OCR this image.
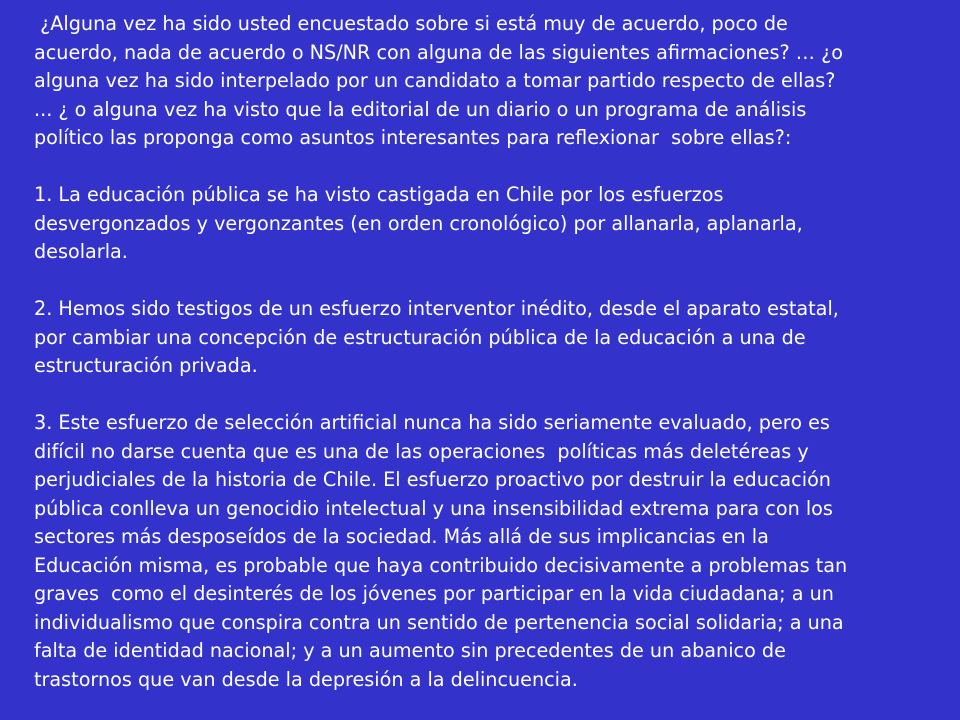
¿Alguna vez ha sido usted encuestado sobre si está muy de acuerdo, poco de
acuerdo, nada de acuerdo o NS/NR con alguna de las siguientes afirmaciones? … ¿o
alguna vez ha sido interpelado por un candidato a tomar partido respecto de ellas?
... ¿ o alguna vez ha visto que la editorial de un diario o un programa de análisis
político las proponga como asuntos interesantes para reflexionar  sobre ellas?:
1. La educación pública se ha visto castigada en Chile por los esfuerzos
desvergonzados y vergonzantes (en orden cronológico) por allanarla, aplanarla,
desolarla.
2. Hemos sido testigos de un esfuerzo interventor inédito, desde el aparato estatal,
por cambiar una concepción de estructuración pública de la educación a una de
estructuración privada.
3. Este esfuerzo de selección artificial nunca ha sido seriamente evaluado, pero es
difícil no darse cuenta que es una de las operaciones  políticas más deletéreas y
perjudiciales de la historia de Chile. El esfuerzo proactivo por destruir la educación
pública conlleva un genocidio intelectual y una insensibilidad extrema para con los
sectores más desposeídos de la sociedad. Más allá de sus implicancias en la
Educación misma, es probable que haya contribuido decisivamente a problemas tan
graves  como el desinterés de los jóvenes por participar en la vida ciudadana; a un
individualismo que conspira contra un sentido de pertenencia social solidaria; a una
falta de identidad nacional; y a un aumento sin precedentes de un abanico de
trastornos que van desde la depresión a la delincuencia.
